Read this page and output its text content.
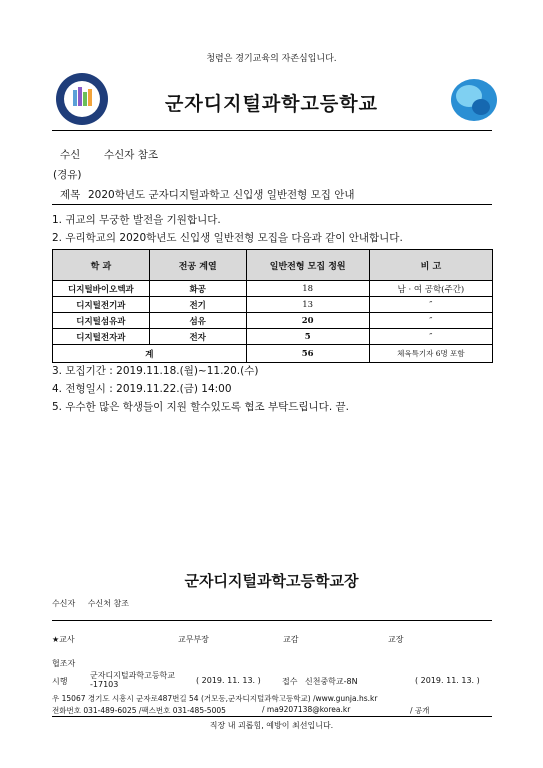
청렴은 경기교육의 자존심입니다.
군자디지털과학고등학교
수신 수신자 참조
(경유)
제목 2020학년도 군자디지털과학고 신입생 일반전형 모집 안내
1. 귀교의 무궁한 발전을 기원합니다.
2. 우리학교의 2020학년도 신입생 일반전형 모집을 다음과 같이 안내합니다.
학 과	전공 계열	일반전형 모집 정원	비 고
디지털바이오텍과	화공	18	남 · 여 공학(주간)
디지털전기과	전기	13	″
디지털섬유과	섬유	20	″
디지털전자과	전자	5	″
계		56	체육특기자 6명 포함
3. 모집기간 : 2019.11.18.(월)~11.20.(수)
4. 전형일시 : 2019.11.22.(금) 14:00
5. 우수한 많은 학생들이 지원 할수있도록 협조 부탁드립니다. 끝.
군자디지털과학고등학교장
수신자 수신처 참조
★교사	교무부장	교감	교장
협조자
시행
군자디지털과학고등학교 -17103	( 2019. 11. 13. )	접수 신천중학교-8N	( 2019. 11. 13. )
우 15067 경기도 시흥시 군자로487번길 54 (거모동,군자디지털과학고등학교) /www.gunja.hs.kr
전화번호 031-489-6025 /팩스번호 031-485-5005	/ ma9207138@korea.kr	/ 공개
직장 내 괴롭힘, 예방이 최선입니다.
